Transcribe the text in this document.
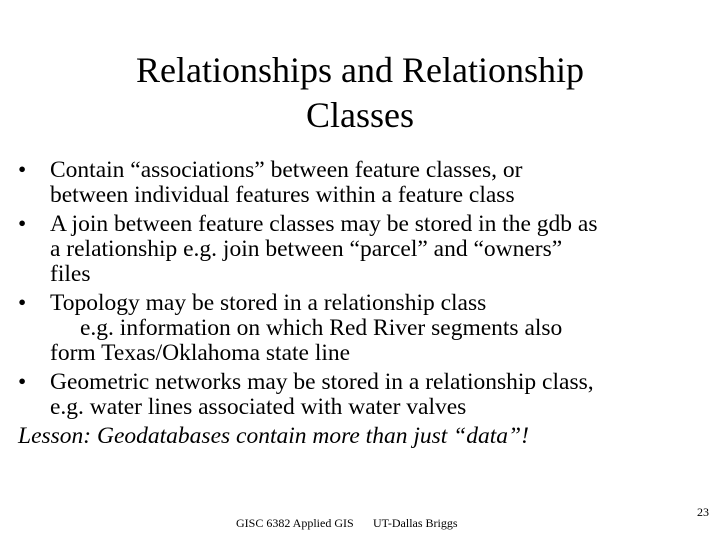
Relationships and Relationship
Classes
•	Contain “associations” between feature classes, or
between individual features within a feature class
•	A join between feature classes may be stored in the gdb as
a relationship e.g. join between “parcel” and “owners”
files
•	Topology may be stored in a relationship class
e.g. information on which Red River segments also
form Texas/Oklahoma state line
•	Geometric networks may be stored in a relationship class,
e.g. water lines associated with water valves
Lesson: Geodatabases contain more than just “data”!
GISC 6382 Applied GIS UT-Dallas Briggs
23
